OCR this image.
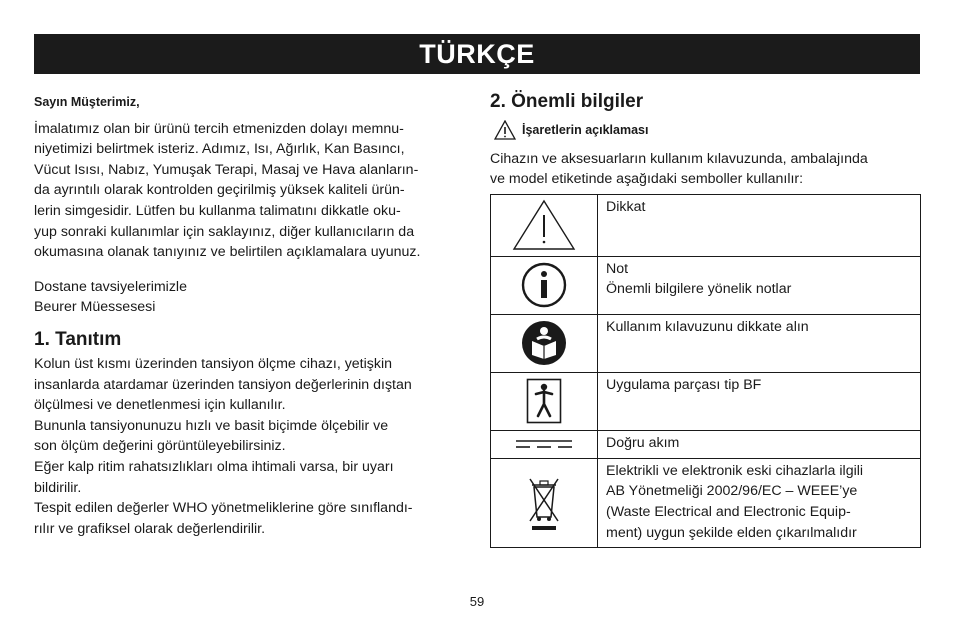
TÜRKÇE
Sayın Müşterimiz,

İmalatımız olan bir ürünü tercih etmenizden dolayı memnu-
niyetimizi belirtmek isteriz. Adımız, Isı, Ağırlık, Kan Basıncı,
Vücut Isısı, Nabız, Yumuşak Terapi, Masaj ve Hava alanların-
da ayrıntılı olarak kontrolden geçirilmiş yüksek kaliteli ürün-
lerin simgesidir. Lütfen bu kullanma talimatını dikkatle oku-
yup sonraki kullanımlar için saklayınız, diğer kullanıcıların da
okumasına olanak tanıyınız ve belirtilen açıklamalara uyunuz.

Dostane tavsiyelerimizle
Beurer Müessesesi

1. Tanıtım

Kolun üst kısmı üzerinden tansiyon ölçme cihazı, yetişkin
insanlarda atardamar üzerinden tansiyon değerlerinin dıştan
ölçülmesi ve denetlenmesi için kullanılır.
Bununla tansiyonunuzu hızlı ve basit biçimde ölçebilir ve
son ölçüm değerini görüntüleyebilirsiniz.
Eğer kalp ritim rahatsızlıkları olma ihtimali varsa, bir uyarı
bildirilir.
Tespit edilen değerler WHO yönetmeliklerine göre sınıflandı-
rılır ve grafiksel olarak değerlendirilir.

2. Önemli bilgiler
İşaretlerin açıklaması

Cihazın ve aksesuarların kullanım kılavuzunda, ambalajında
ve model etiketinde aşağıdaki semboller kullanılır:

	Dikkat

	Not
Önemli bilgilere yönelik notlar

	Kullanım kılavuzunu dikkate alın

	Uygulama parçası tip BF

	Doğru akım

	Elektrikli ve elektronik eski cihazlarla ilgili
AB Yönetmeliği 2002/96/EC – WEEE’ye
(Waste Electrical and Electronic Equip-
ment) uygun şekilde elden çıkarılmalıdır
59
